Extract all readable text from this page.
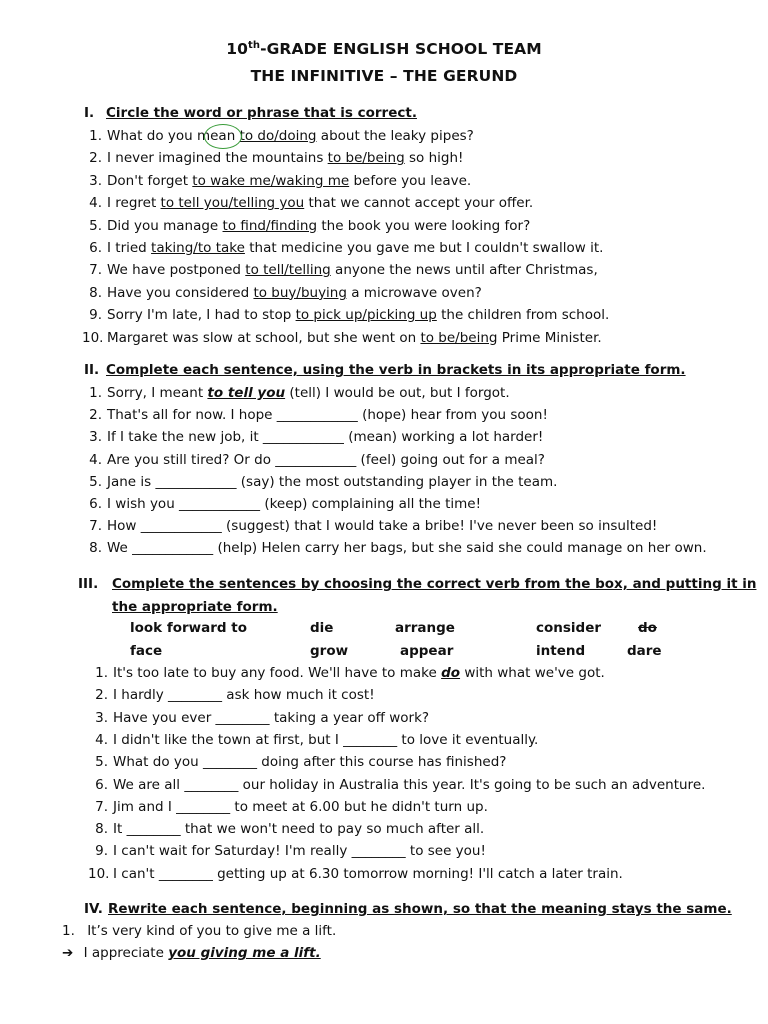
10th-GRADE ENGLISH SCHOOL TEAM
THE INFINITIVE – THE GERUND
I. Circle the word or phrase that is correct.
1. What do you mean to do/doing about the leaky pipes?
2. I never imagined the mountains to be/being so high!
3. Don't forget to wake me/waking me before you leave.
4. I regret to tell you/telling you that we cannot accept your offer.
5. Did you manage to find/finding the book you were looking for?
6. I tried taking/to take that medicine you gave me but I couldn't swallow it.
7. We have postponed to tell/telling anyone the news until after Christmas,
8. Have you considered to buy/buying a microwave oven?
9. Sorry I'm late, I had to stop to pick up/picking up the children from school.
10. Margaret was slow at school, but she went on to be/being Prime Minister.
II. Complete each sentence, using the verb in brackets in its appropriate form.
1. Sorry, I meant to tell you (tell) I would be out, but I forgot.
2. That's all for now. I hope ____________ (hope) hear from you soon!
3. If I take the new job, it ____________ (mean) working a lot harder!
4. Are you still tired? Or do ____________ (feel) going out for a meal?
5. Jane is ____________ (say) the most outstanding player in the team.
6. I wish you ____________ (keep) complaining all the time!
7. How ____________ (suggest) that I would take a bribe! I've never been so insulted!
8. We ____________ (help) Helen carry her bags, but she said she could manage on her own.
III. Complete the sentences by choosing the correct verb from the box, and putting it in
the appropriate form.
look forward to	die	arrange	consider	do
face	grow	appear	intend	dare
1. It's too late to buy any food. We'll have to make do with what we've got.
2. I hardly ________ ask how much it cost!
3. Have you ever ________ taking a year off work?
4. I didn't like the town at first, but I ________ to love it eventually.
5. What do you ________ doing after this course has finished?
6. We are all ________ our holiday in Australia this year. It's going to be such an adventure.
7. Jim and I ________ to meet at 6.00 but he didn't turn up.
8. It ________ that we won't need to pay so much after all.
9. I can't wait for Saturday! I'm really ________ to see you!
10. I can't ________ getting up at 6.30 tomorrow morning! I'll catch a later train.
IV. Rewrite each sentence, beginning as shown, so that the meaning stays the same.
1. It’s very kind of you to give me a lift.
➔ I appreciate you giving me a lift.
